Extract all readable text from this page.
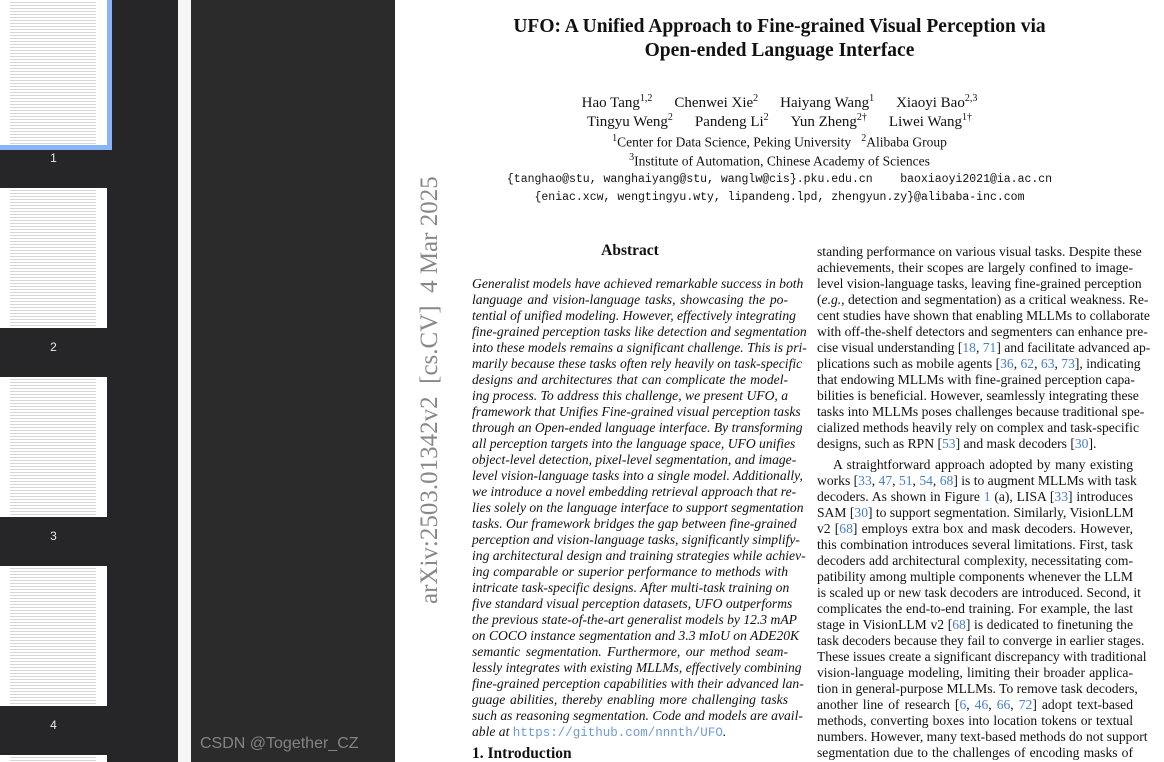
1
2
3
4
CSDN @Together_CZ
UFO: A Unified Approach to Fine-grained Visual Perception via
Open-ended Language Interface
Hao Tang$^{1,2}$ Chenwei Xie$^2$ Haiyang Wang$^1$ Xiaoyi Bao$^{2,3}$
Tingyu Weng$^2$ Pandeng Li$^2$ Yun Zheng$^{2\dagger}$ Liwei Wang$^{1\dagger}$
$^1$Center for Data Science, Peking University $^2$Alibaba Group
$^3$Institute of Automation, Chinese Academy of Sciences
{tanghao@stu, wanghaiyang@stu, wanglw@cis}.pku.edu.cn    baoxiaoyi2021@ia.ac.cn
{eniac.xcw, wengtingyu.wty, lipandeng.lpd, zhengyun.zy}@alibaba-inc.com
arXiv:2503.01342v2  [cs.CV]  4 Mar 2025	Abstract
Generalist models have achieved remarkable success in both
language and vision-language tasks, showcasing the po-
tential of unified modeling. However, effectively integrating
fine-grained perception tasks like detection and segmentation
into these models remains a significant challenge. This is pri-
marily because these tasks often rely heavily on task-specific
designs and architectures that can complicate the model-
ing process. To address this challenge, we present UFO, a
framework that Unifies Fine-grained visual perception tasks
through an Open-ended language interface. By transforming
all perception targets into the language space, UFO unifies
object-level detection, pixel-level segmentation, and image-
level vision-language tasks into a single model. Additionally,
we introduce a novel embedding retrieval approach that re-
lies solely on the language interface to support segmentation
tasks. Our framework bridges the gap between fine-grained
perception and vision-language tasks, significantly simplify-
ing architectural design and training strategies while achiev-
ing comparable or superior performance to methods with
intricate task-specific designs. After multi-task training on
five standard visual perception datasets, UFO outperforms
the previous state-of-the-art generalist models by 12.3 mAP
on COCO instance segmentation and 3.3 mIoU on ADE20K
semantic segmentation. Furthermore, our method seam-
lessly integrates with existing MLLMs, effectively combining
fine-grained perception capabilities with their advanced lan-
guage abilities, thereby enabling more challenging tasks
such as reasoning segmentation. Code and models are avail-
able at https://github.com/nnnth/UFO.
1. Introduction
standing performance on various visual tasks. Despite these
achievements, their scopes are largely confined to image-
level vision-language tasks, leaving fine-grained perception
(e.g., detection and segmentation) as a critical weakness. Re-
cent studies have shown that enabling MLLMs to collaborate
with off-the-shelf detectors and segmenters can enhance pre-
cise visual understanding [18, 71] and facilitate advanced ap-
plications such as mobile agents [36, 62, 63, 73], indicating
that endowing MLLMs with fine-grained perception capa-
bilities is beneficial. However, seamlessly integrating these
tasks into MLLMs poses challenges because traditional spe-
cialized methods heavily rely on complex and task-specific
designs, such as RPN [53] and mask decoders [30].
A straightforward approach adopted by many existing
works [33, 47, 51, 54, 68] is to augment MLLMs with task
decoders. As shown in Figure 1 (a), LISA [33] introduces
SAM [30] to support segmentation. Similarly, VisionLLM
v2 [68] employs extra box and mask decoders. However,
this combination introduces several limitations. First, task
decoders add architectural complexity, necessitating com-
patibility among multiple components whenever the LLM
is scaled up or new task decoders are introduced. Second, it
complicates the end-to-end training. For example, the last
stage in VisionLLM v2 [68] is dedicated to finetuning the
task decoders because they fail to converge in earlier stages.
These issues create a significant discrepancy with traditional
vision-language modeling, limiting their broader applica-
tion in general-purpose MLLMs. To remove task decoders,
another line of research [6, 46, 66, 72] adopt text-based
methods, converting boxes into location tokens or textual
numbers. However, many text-based methods do not support
segmentation due to the challenges of encoding masks of
